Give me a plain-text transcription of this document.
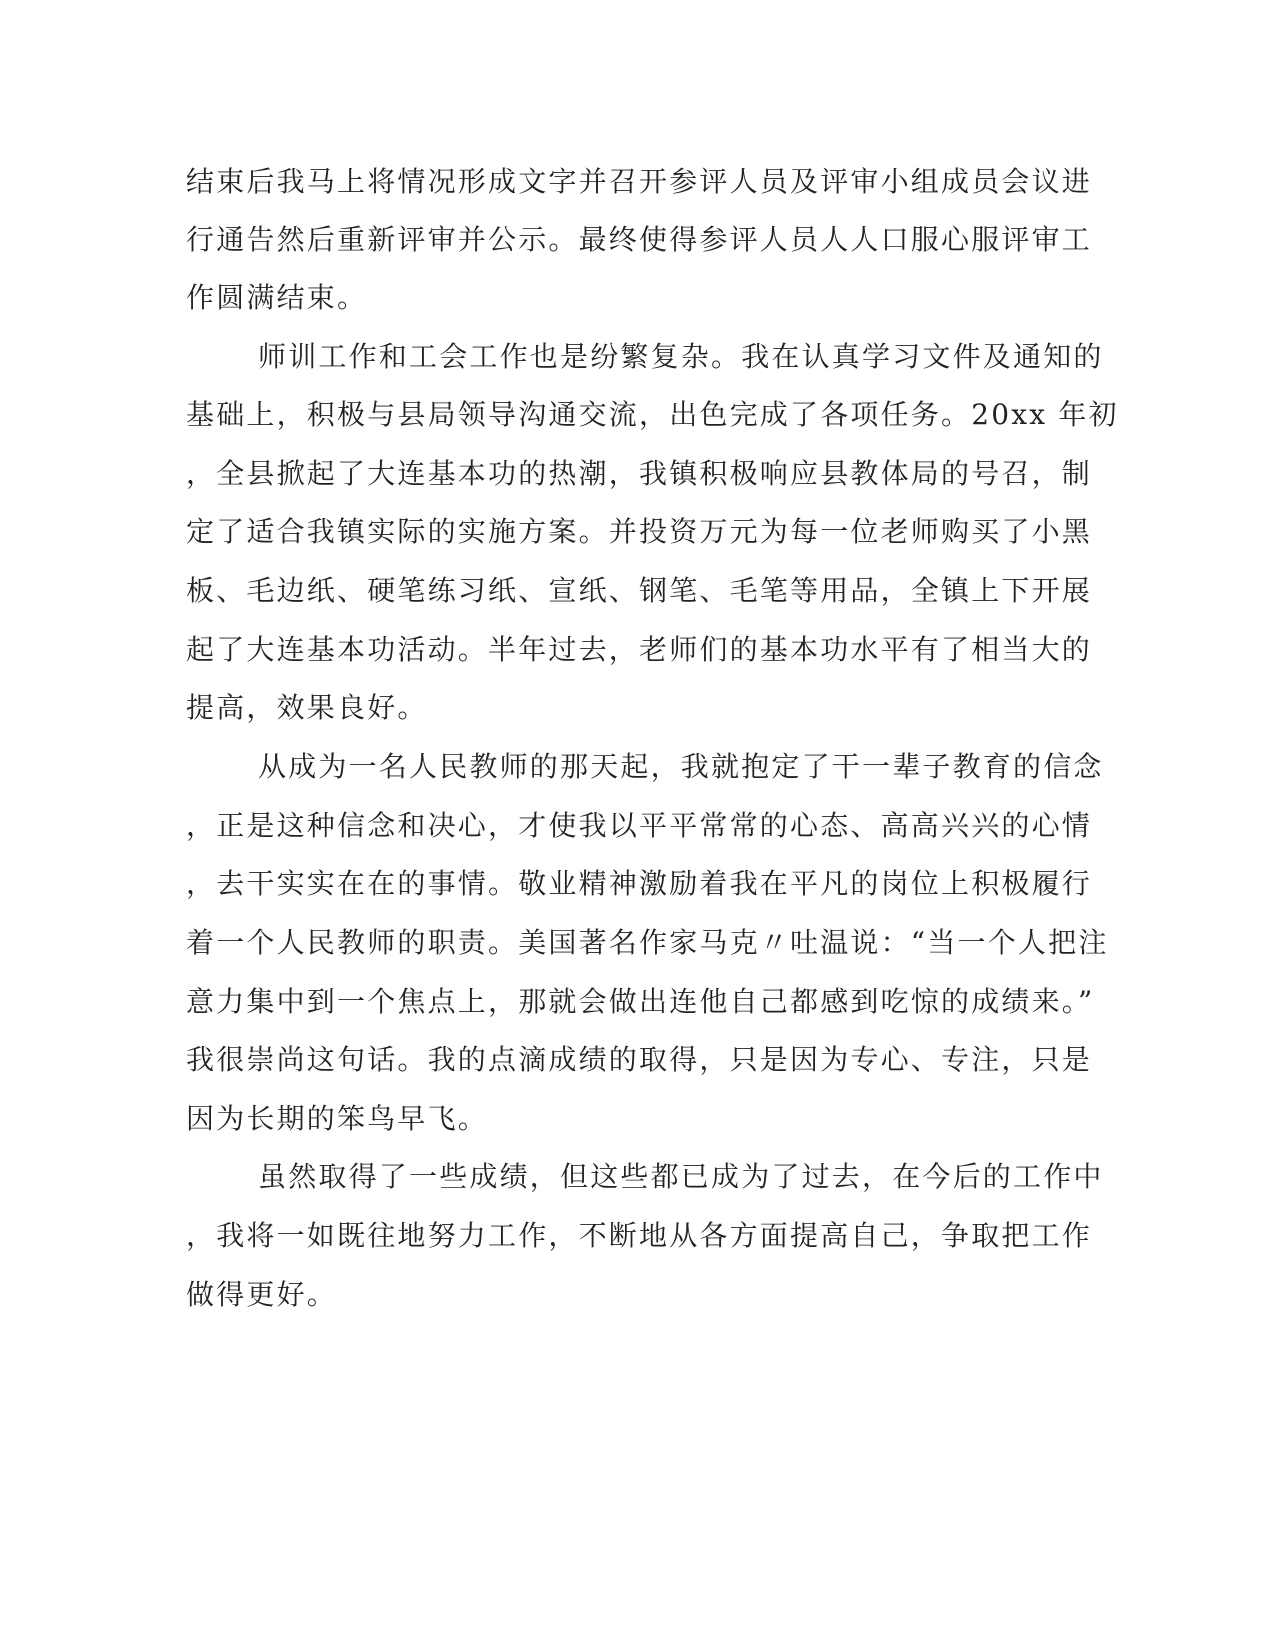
结束后我马上将情况形成文字并召开参评人员及评审小组成员会议进
行通告然后重新评审并公示。最终使得参评人员人人口服心服评审工
作圆满结束。
师训工作和工会工作也是纷繁复杂。我在认真学习文件及通知的
基础上，积极与县局领导沟通交流，出色完成了各项任务。20xx 年初
，全县掀起了大连基本功的热潮，我镇积极响应县教体局的号召，制
定了适合我镇实际的实施方案。并投资万元为每一位老师购买了小黑
板、毛边纸、硬笔练习纸、宣纸、钢笔、毛笔等用品，全镇上下开展
起了大连基本功活动。半年过去，老师们的基本功水平有了相当大的
提高，效果良好。
从成为一名人民教师的那天起，我就抱定了干一辈子教育的信念
，正是这种信念和决心，才使我以平平常常的心态、高高兴兴的心情
，去干实实在在的事情。敬业精神激励着我在平凡的岗位上积极履行
着一个人民教师的职责。美国著名作家马克〃吐温说：“当一个人把注
意力集中到一个焦点上，那就会做出连他自己都感到吃惊的成绩来。”
我很崇尚这句话。我的点滴成绩的取得，只是因为专心、专注，只是
因为长期的笨鸟早飞。
虽然取得了一些成绩，但这些都已成为了过去，在今后的工作中
，我将一如既往地努力工作，不断地从各方面提高自己，争取把工作
做得更好。
